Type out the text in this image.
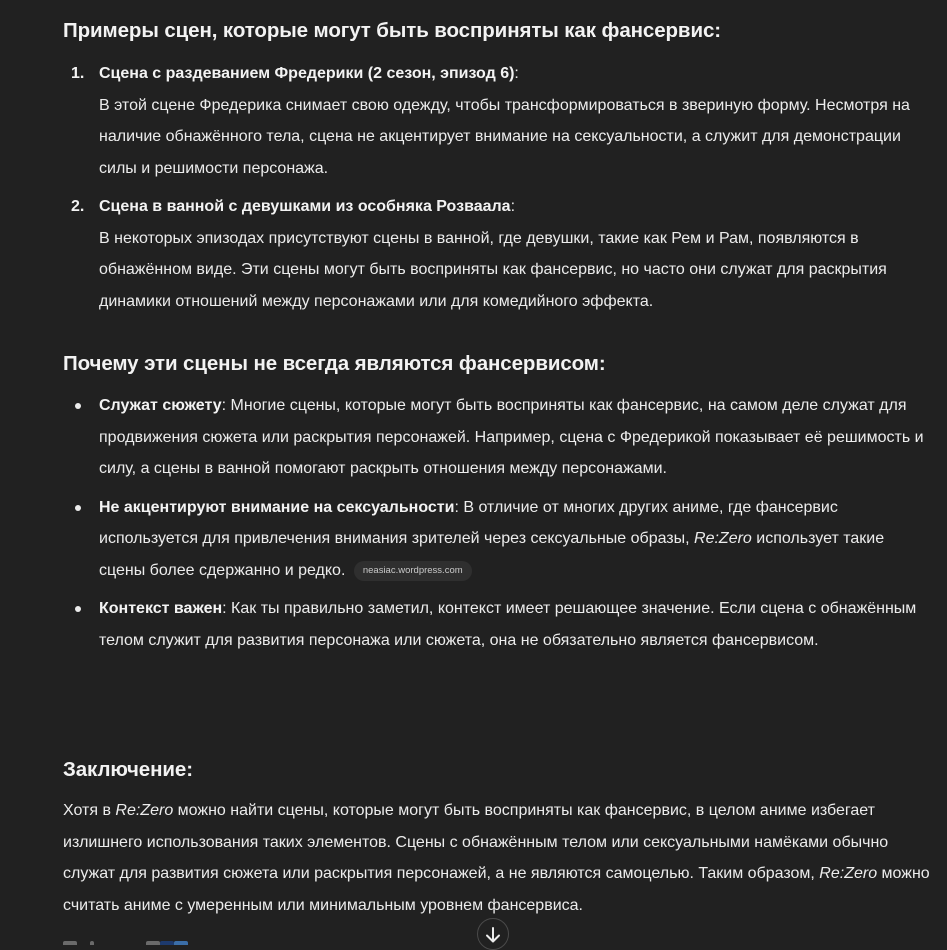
Примеры сцен, которые могут быть восприняты как фансервис:
1. Сцена с раздеванием Фредерики (2 сезон, эпизод 6):
В этой сцене Фредерика снимает свою одежду, чтобы трансформироваться в звериную форму. Несмотря на наличие обнажённого тела, сцена не акцентирует внимание на сексуальности, а служит для демонстрации силы и решимости персонажа.
2. Сцена в ванной с девушками из особняка Розваала:
В некоторых эпизодах присутствуют сцены в ванной, где девушки, такие как Рем и Рам, появляются в обнажённом виде. Эти сцены могут быть восприняты как фансервис, но часто они служат для раскрытия динамики отношений между персонажами или для комедийного эффекта.
Почему эти сцены не всегда являются фансервисом:
Служат сюжету: Многие сцены, которые могут быть восприняты как фансервис, на самом деле служат для продвижения сюжета или раскрытия персонажей. Например, сцена с Фредерикой показывает её решимость и силу, а сцены в ванной помогают раскрыть отношения между персонажами.
Не акцентируют внимание на сексуальности: В отличие от многих других аниме, где фансервис используется для привлечения внимания зрителей через сексуальные образы, Re:Zero использует такие сцены более сдержанно и редко. neasiac.wordpress.com
Контекст важен: Как ты правильно заметил, контекст имеет решающее значение. Если сцена с обнажённым телом служит для развития персонажа или сюжета, она не обязательно является фансервисом.
Заключение:

Хотя в Re:Zero можно найти сцены, которые могут быть восприняты как фансервис, в целом аниме избегает излишнего использования таких элементов. Сцены с обнажённым телом или сексуальными намёками обычно служат для развития сюжета или раскрытия персонажей, а не являются самоцелью. Таким образом, Re:Zero можно считать аниме с умеренным или минимальным уровнем фансервиса.
